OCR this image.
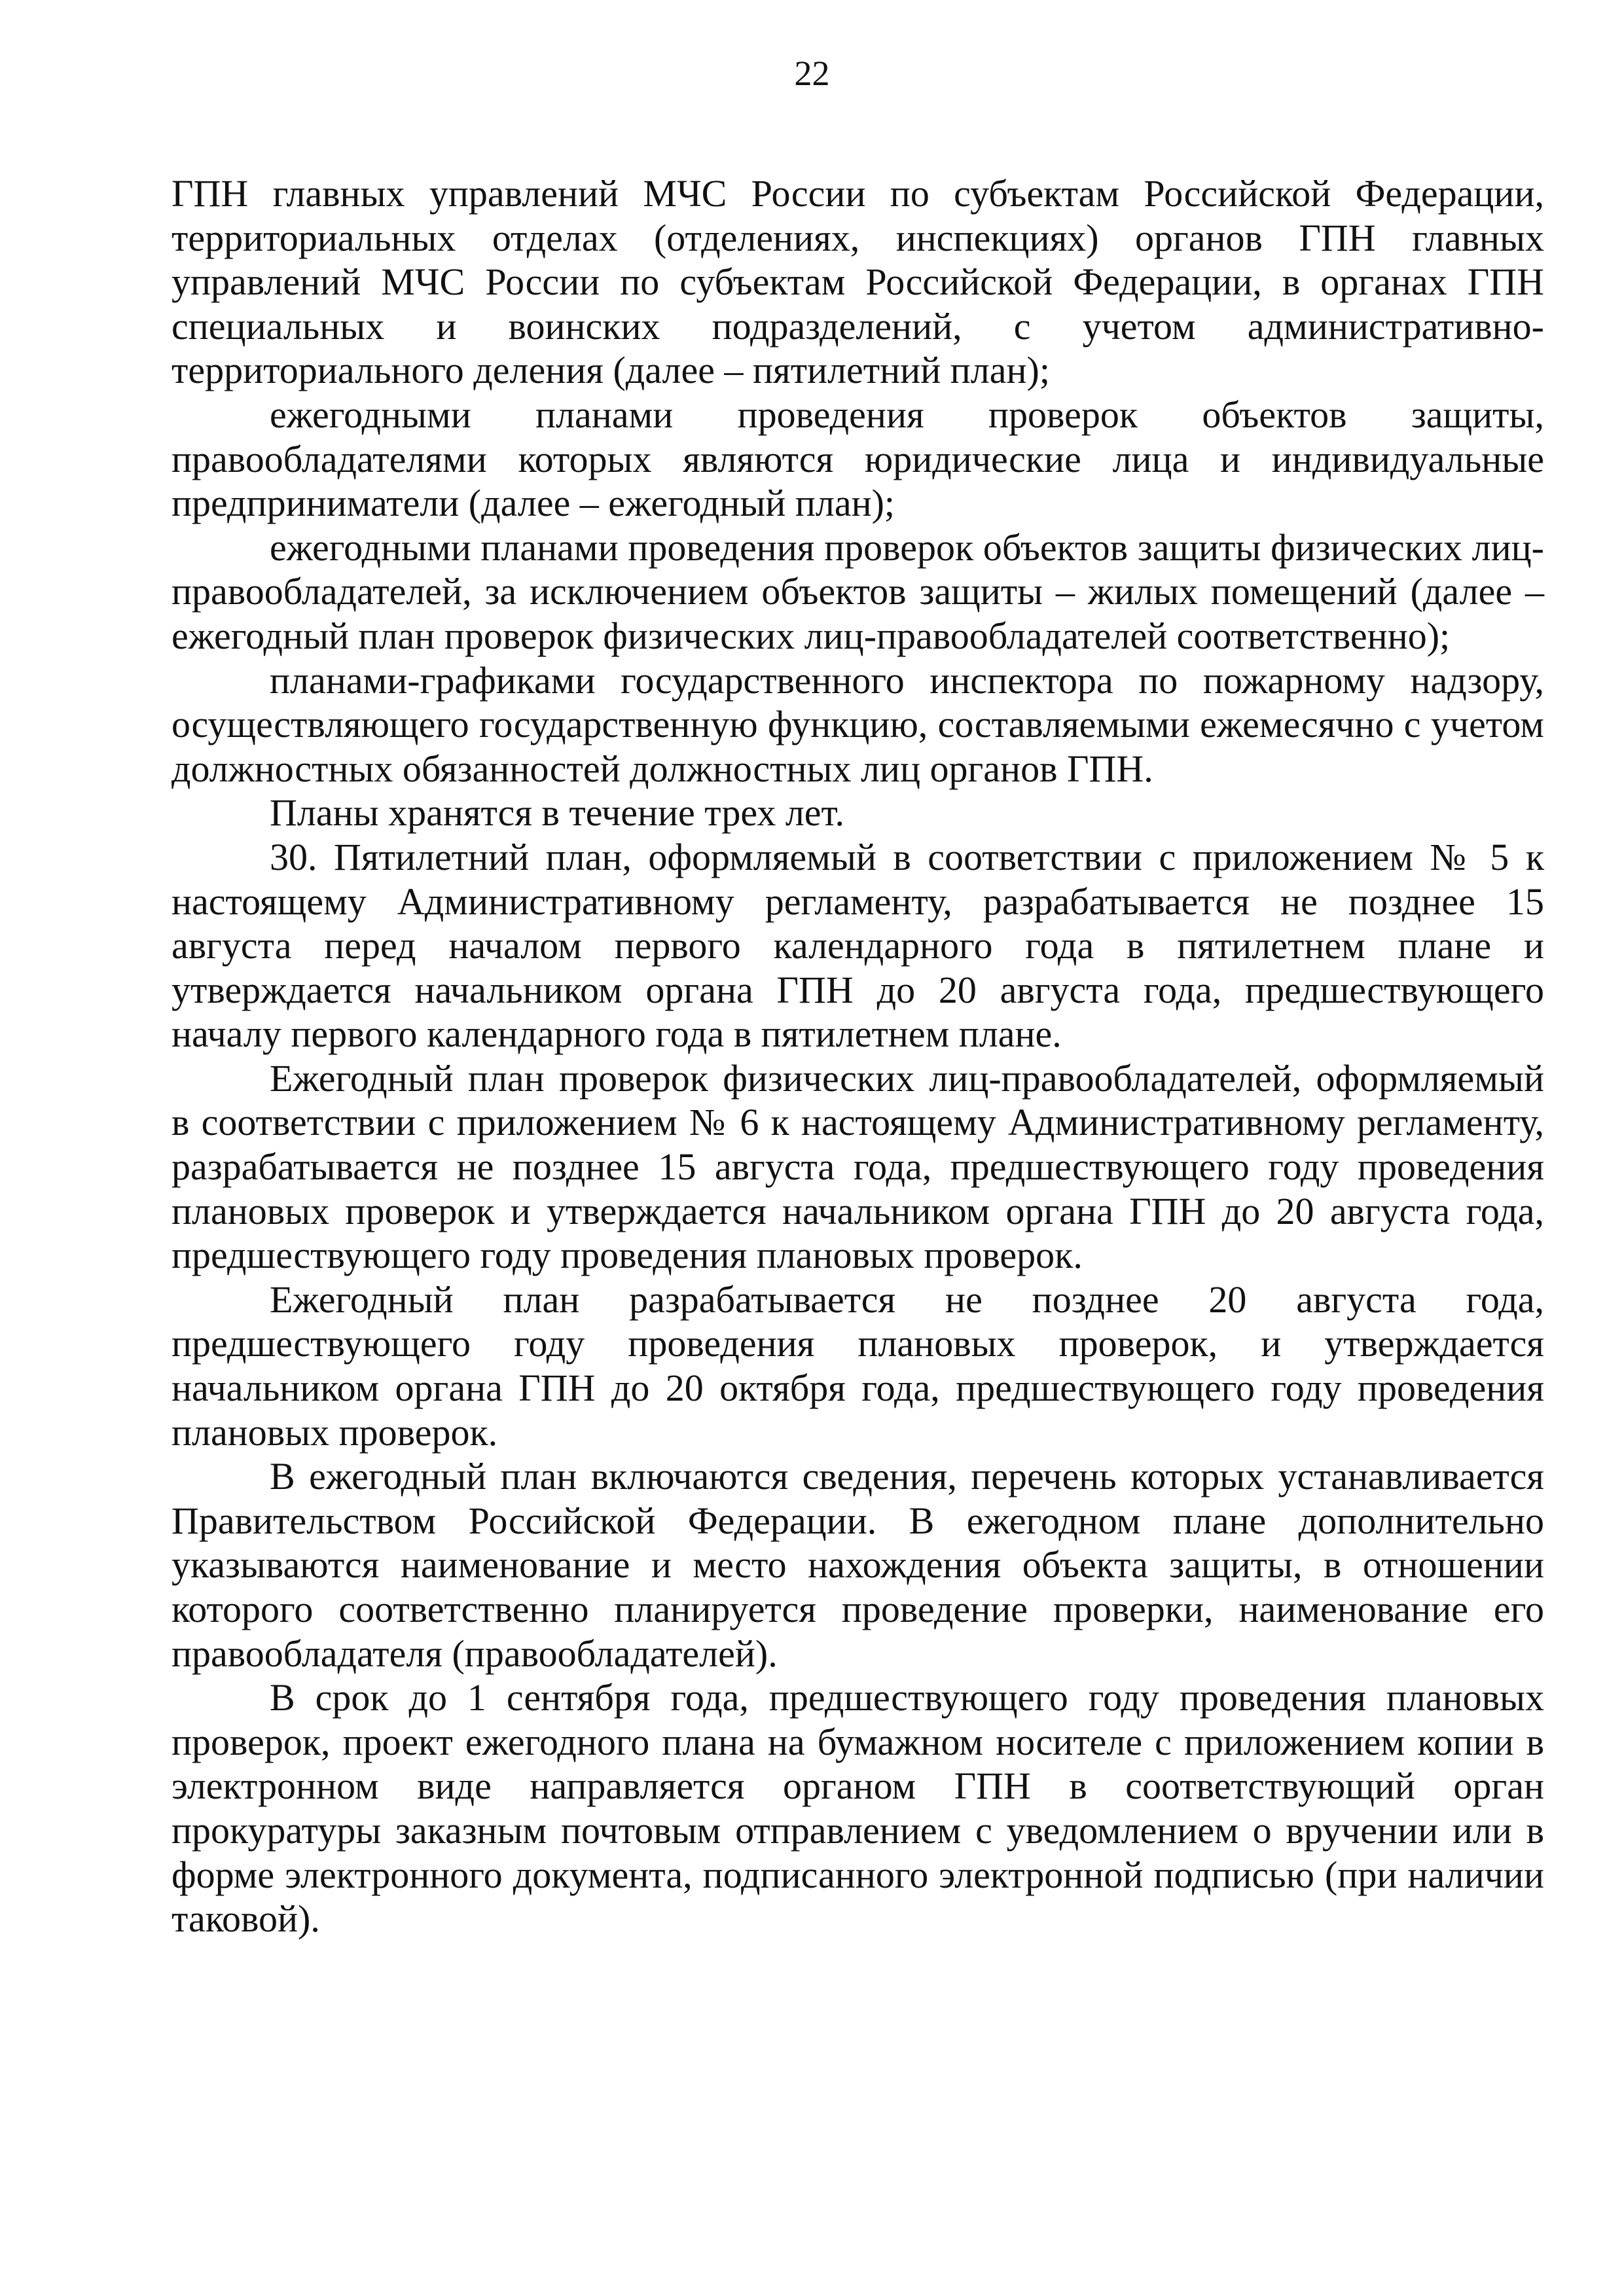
22

ГПН главных управлений МЧС России по субъектам Российской Федерации, территориальных отделах (отделениях, инспекциях) органов ГПН главных управлений МЧС России по субъектам Российской Федерации, в органах ГПН специальных и воинских подразделений, с учетом административно-территориального деления (далее – пятилетний план);

ежегодными планами проведения проверок объектов защиты, правообладателями которых являются юридические лица и индивидуальные предприниматели (далее – ежегодный план);

ежегодными планами проведения проверок объектов защиты физических лиц-правообладателей, за исключением объектов защиты – жилых помещений (далее – ежегодный план проверок физических лиц-правообладателей соответственно);

планами-графиками государственного инспектора по пожарному надзору, осуществляющего государственную функцию, составляемыми ежемесячно с учетом должностных обязанностей должностных лиц органов ГПН.

Планы хранятся в течение трех лет.

30. Пятилетний план, оформляемый в соответствии с приложением № 5 к настоящему Административному регламенту, разрабатывается не позднее 15 августа перед началом первого календарного года в пятилетнем плане и утверждается начальником органа ГПН до 20 августа года, предшествующего началу первого календарного года в пятилетнем плане.

Ежегодный план проверок физических лиц-правообладателей, оформляемый в соответствии с приложением № 6 к настоящему Административному регламенту, разрабатывается не позднее 15 августа года, предшествующего году проведения плановых проверок и утверждается начальником органа ГПН до 20 августа года, предшествующего году проведения плановых проверок.

Ежегодный план разрабатывается не позднее 20 августа года, предшествующего году проведения плановых проверок, и утверждается начальником органа ГПН до 20 октября года, предшествующего году проведения плановых проверок.

В ежегодный план включаются сведения, перечень которых устанавливается Правительством Российской Федерации. В ежегодном плане дополнительно указываются наименование и место нахождения объекта защиты, в отношении которого соответственно планируется проведение проверки, наименование его правообладателя (правообладателей).

В срок до 1 сентября года, предшествующего году проведения плановых проверок, проект ежегодного плана на бумажном носителе с приложением копии в электронном виде направляется органом ГПН в соответствующий орган прокуратуры заказным почтовым отправлением с уведомлением о вручении или в форме электронного документа, подписанного электронной подписью (при наличии таковой).
